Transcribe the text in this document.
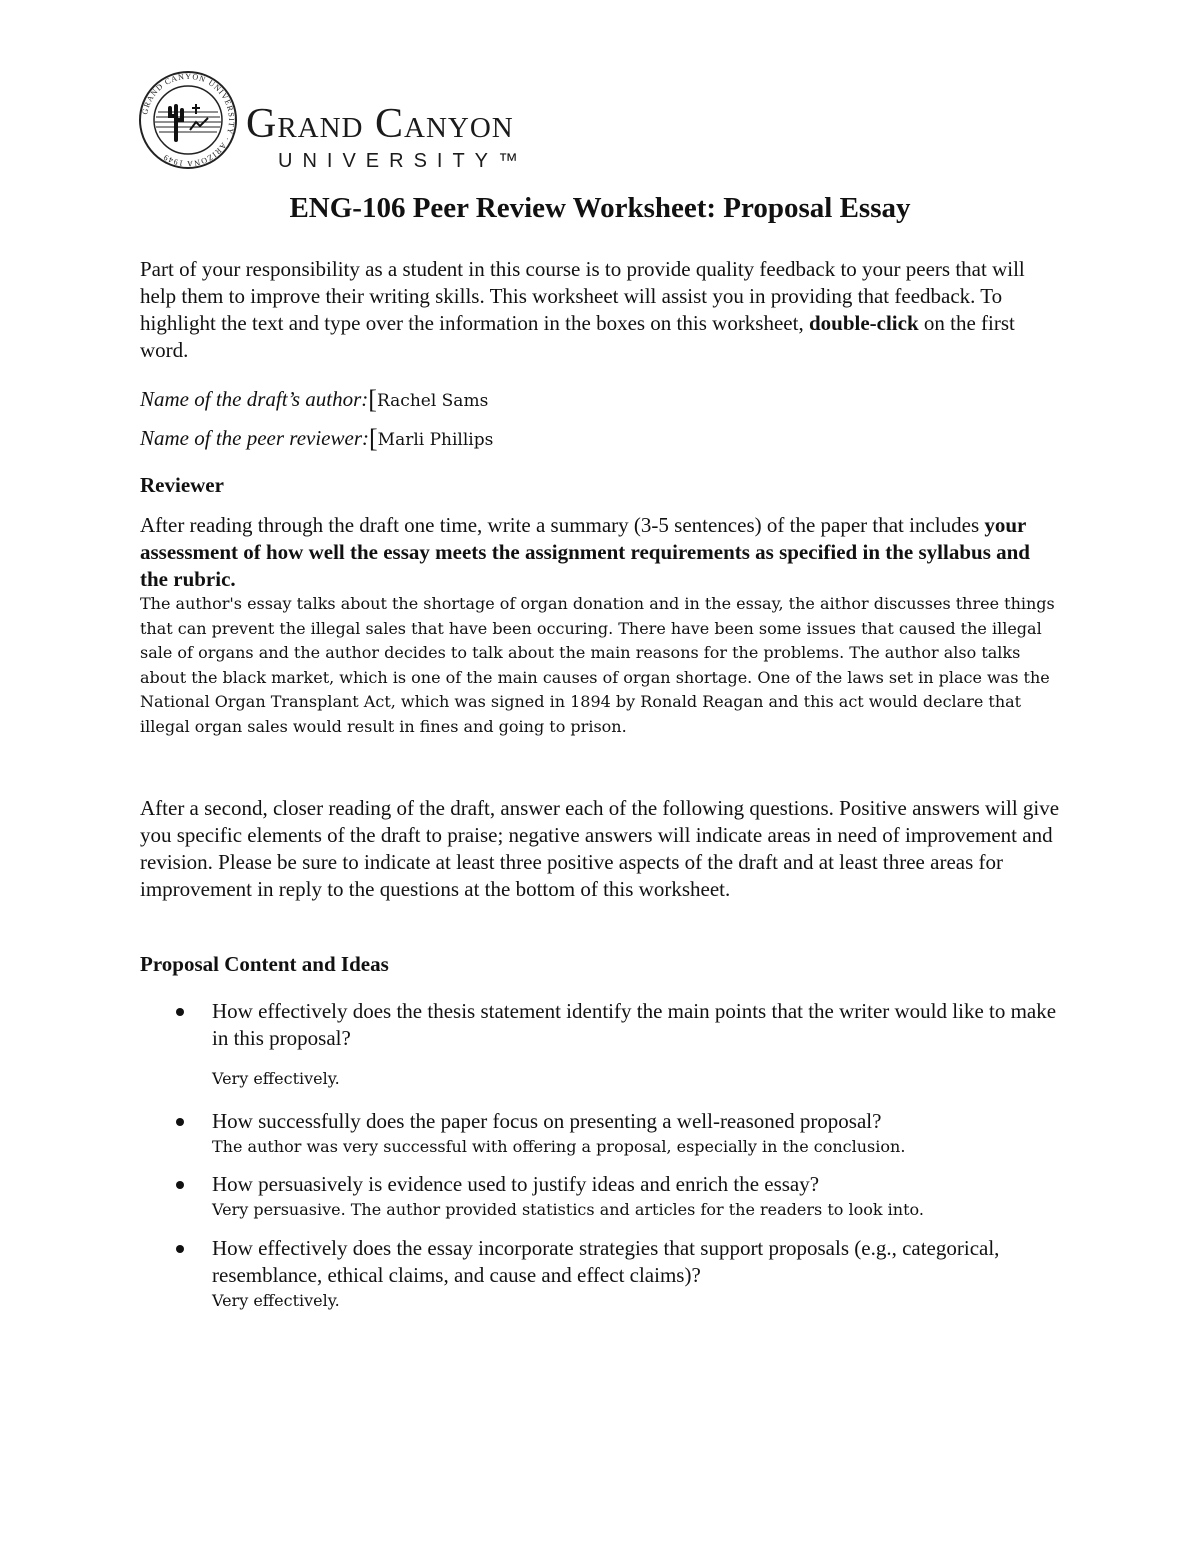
GRAND CANYON UNIVERSITY · ARIZONA 1949
Grand Canyon
UNIVERSITY™
ENG-106 Peer Review Worksheet: Proposal Essay
Part of your responsibility as a student in this course is to provide quality feedback to your peers that will help them to improve their writing skills. This worksheet will assist you in providing that feedback. To highlight the text and type over the information in the boxes on this worksheet, double-click on the first word.
Name of the draft’s author:[Rachel Sams
Name of the peer reviewer:[Marli Phillips
Reviewer
After reading through the draft one time, write a summary (3-5 sentences) of the paper that includes your assessment of how well the essay meets the assignment requirements as specified in the syllabus and the rubric.
The author's essay talks about the shortage of organ donation and in the essay, the aithor discusses three things that can prevent the illegal sales that have been occuring. There have been some issues that caused the illegal sale of organs and the author decides to talk about the main reasons for the problems. The author also talks about the black market, which is one of the main causes of organ shortage. One of the laws set in place was the National Organ Transplant Act, which was signed in 1894 by Ronald Reagan and this act would declare that illegal organ sales would result in fines and going to prison.
After a second, closer reading of the draft, answer each of the following questions. Positive answers will give you specific elements of the draft to praise; negative answers will indicate areas in need of improvement and revision. Please be sure to indicate at least three positive aspects of the draft and at least three areas for improvement in reply to the questions at the bottom of this worksheet.
Proposal Content and Ideas
How effectively does the thesis statement identify the main points that the writer would like to make in this proposal?
Very effectively.
How successfully does the paper focus on presenting a well-reasoned proposal?
The author was very successful with offering a proposal, especially in the conclusion.
How persuasively is evidence used to justify ideas and enrich the essay?
Very persuasive. The author provided statistics and articles for the readers to look into.
How effectively does the essay incorporate strategies that support proposals (e.g., categorical, resemblance, ethical claims, and cause and effect claims)?
Very effectively.
